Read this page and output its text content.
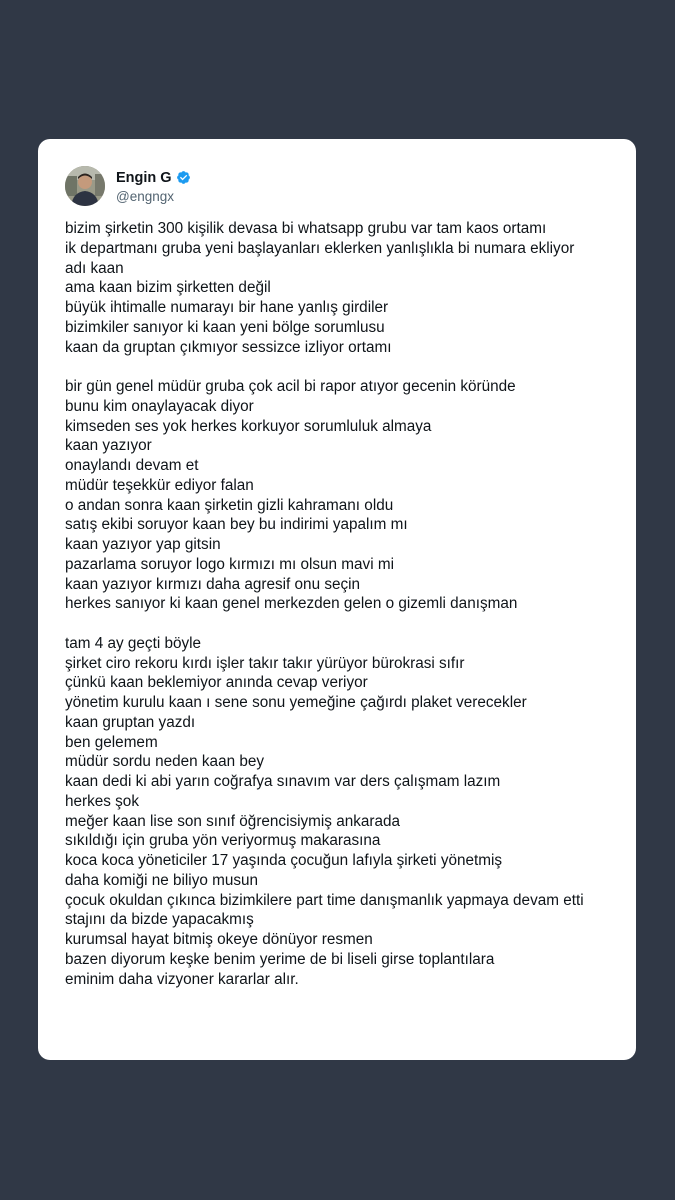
Engin G
@engngx
bizim şirketin 300 kişilik devasa bi whatsapp grubu var tam kaos ortamı
ik departmanı gruba yeni başlayanları eklerken yanlışlıkla bi numara ekliyor
adı kaan
ama kaan bizim şirketten değil
büyük ihtimalle numarayı bir hane yanlış girdiler
bizimkiler sanıyor ki kaan yeni bölge sorumlusu
kaan da gruptan çıkmıyor sessizce izliyor ortamı
bir gün genel müdür gruba çok acil bi rapor atıyor gecenin köründe
bunu kim onaylayacak diyor
kimseden ses yok herkes korkuyor sorumluluk almaya
kaan yazıyor
onaylandı devam et
müdür teşekkür ediyor falan
o andan sonra kaan şirketin gizli kahramanı oldu
satış ekibi soruyor kaan bey bu indirimi yapalım mı
kaan yazıyor yap gitsin
pazarlama soruyor logo kırmızı mı olsun mavi mi
kaan yazıyor kırmızı daha agresif onu seçin
herkes sanıyor ki kaan genel merkezden gelen o gizemli danışman
tam 4 ay geçti böyle
şirket ciro rekoru kırdı işler takır takır yürüyor bürokrasi sıfır
çünkü kaan beklemiyor anında cevap veriyor
yönetim kurulu kaan ı sene sonu yemeğine çağırdı plaket verecekler
kaan gruptan yazdı
ben gelemem
müdür sordu neden kaan bey
kaan dedi ki abi yarın coğrafya sınavım var ders çalışmam lazım
herkes şok
meğer kaan lise son sınıf öğrencisiymiş ankarada
sıkıldığı için gruba yön veriyormuş makarasına
koca koca yöneticiler 17 yaşında çocuğun lafıyla şirketi yönetmiş
daha komiği ne biliyo musun
çocuk okuldan çıkınca bizimkilere part time danışmanlık yapmaya devam etti
stajını da bizde yapacakmış
kurumsal hayat bitmiş okeye dönüyor resmen
bazen diyorum keşke benim yerime de bi liseli girse toplantılara
eminim daha vizyoner kararlar alır.
